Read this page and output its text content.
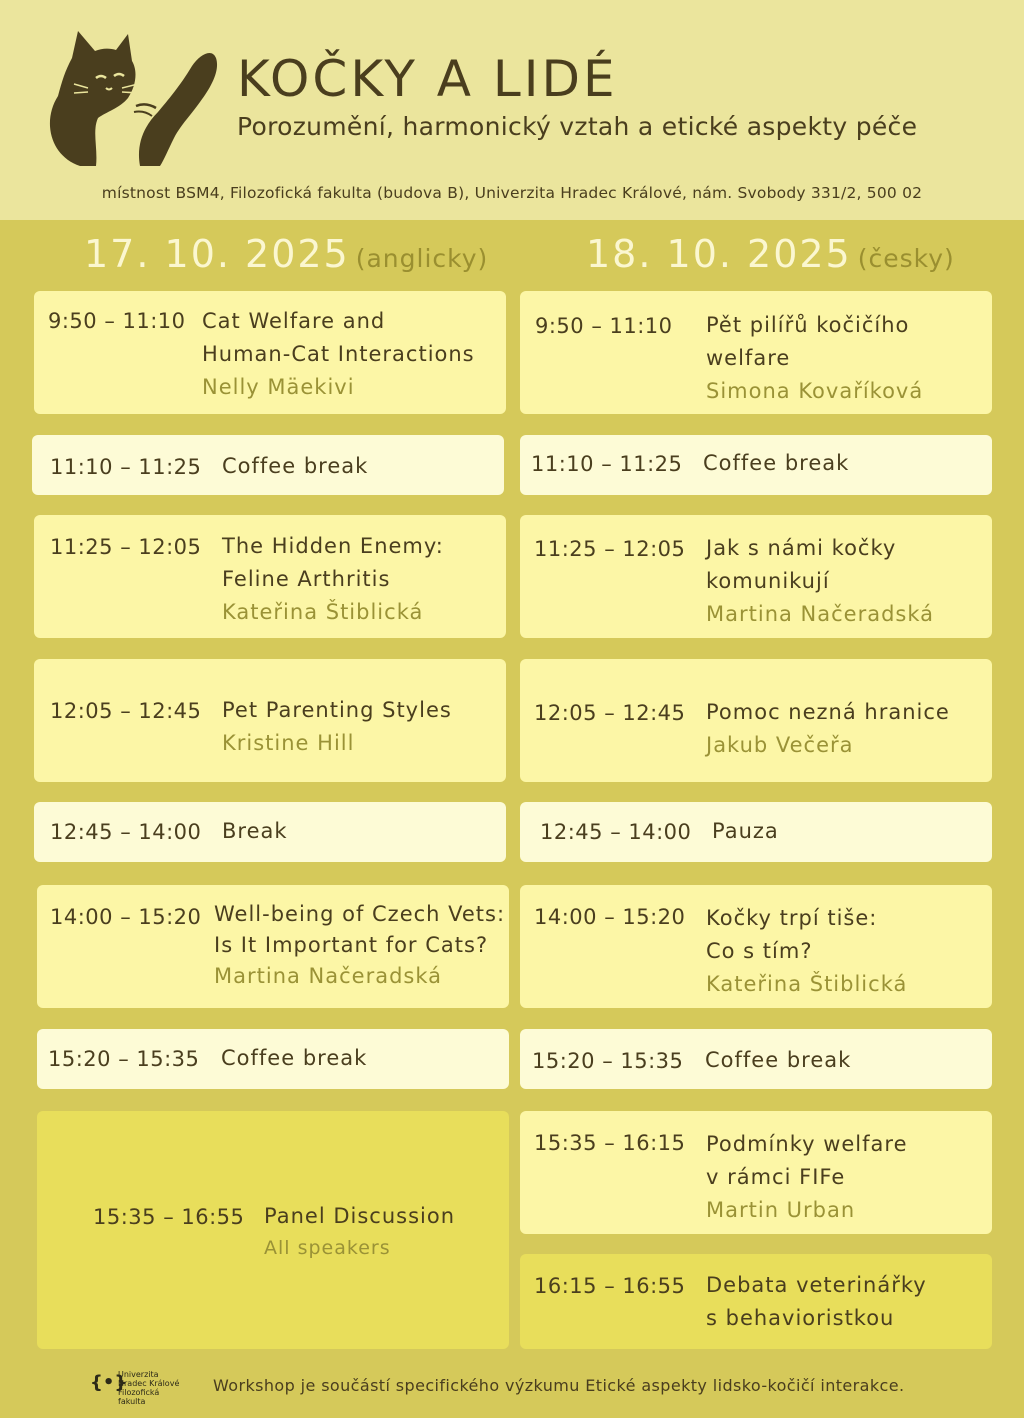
KOČKY A LIDÉ
Porozumění, harmonický vztah a etické aspekty péče
místnost BSM4, Filozofická fakulta (budova B), Univerzita Hradec Králové, nám. Svobody 331/2, 500 02
17. 10. 2025 (anglicky)	18. 10. 2025 (česky)
9:50 – 11:10 Cat Welfare and
Human-Cat Interactions
Nelly Mäekivi
11:10 – 11:25 Coffee break
11:25 – 12:05 The Hidden Enemy:
Feline Arthritis
Kateřina Štiblická
12:05 – 12:45 Pet Parenting Styles
Kristine Hill
12:45 – 14:00 Break
14:00 – 15:20 Well-being of Czech Vets:
Is It Important for Cats?
Martina Načeradská
15:20 – 15:35 Coffee break
15:35 – 16:55 Panel Discussion
All speakers
9:50 – 11:10 Pět pilířů kočičího
welfare
Simona Kovaříková
11:10 – 11:25 Coffee break
11:25 – 12:05 Jak s námi kočky
komunikují
Martina Načeradská
12:05 – 12:45 Pomoc nezná hranice
Jakub Večeřa
12:45 – 14:00 Pauza
14:00 – 15:20 Kočky trpí tiše:
Co s tím?
Kateřina Štiblická
15:20 – 15:35 Coffee break
15:35 – 16:15 Podmínky welfare
v rámci FIFe
Martin Urban
16:15 – 16:55 Debata veterinářky
s behavioristkou
{•}
Univerzita
Hradec Králové
Filozofická
fakulta
Workshop je součástí specifického výzkumu Etické aspekty lidsko-kočičí interakce.
